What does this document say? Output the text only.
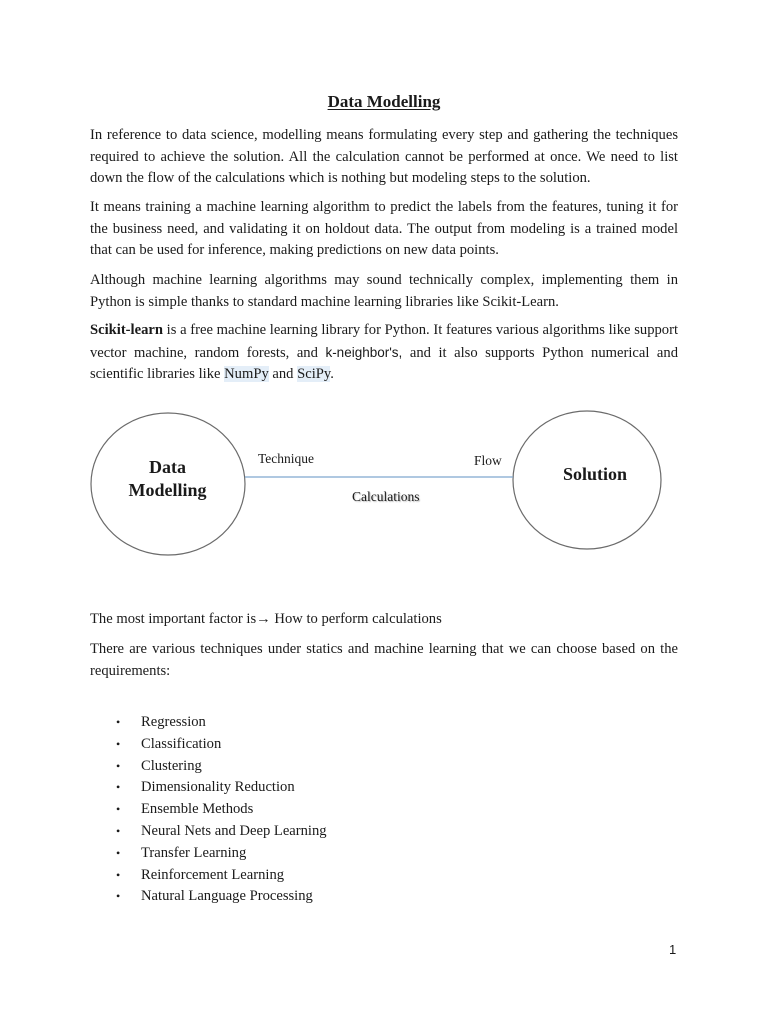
Data Modelling

In reference to data science, modelling means formulating every step and gathering the techniques required to achieve the solution. All the calculation cannot be performed at once. We need to list down the flow of the calculations which is nothing but modeling steps to the solution.

It means training a machine learning algorithm to predict the labels from the features, tuning it for the business need, and validating it on holdout data. The output from modeling is a trained model that can be used for inference, making predictions on new data points.

Although machine learning algorithms may sound technically complex, implementing them in Python is simple thanks to standard machine learning libraries like Scikit-Learn.

Scikit-learn is a free machine learning library for Python. It features various algorithms like support vector machine, random forests, and k-neighbor's, and it also supports Python numerical and scientific libraries like NumPy and SciPy.

Data
Modelling
Solution
Technique	Flow
Calculations

The most important factor is→ How to perform calculations

There are various techniques under statics and machine learning that we can choose based on the requirements:

• Regression
• Classification
• Clustering
• Dimensionality Reduction
• Ensemble Methods
• Neural Nets and Deep Learning
• Transfer Learning
• Reinforcement Learning
• Natural Language Processing
1
